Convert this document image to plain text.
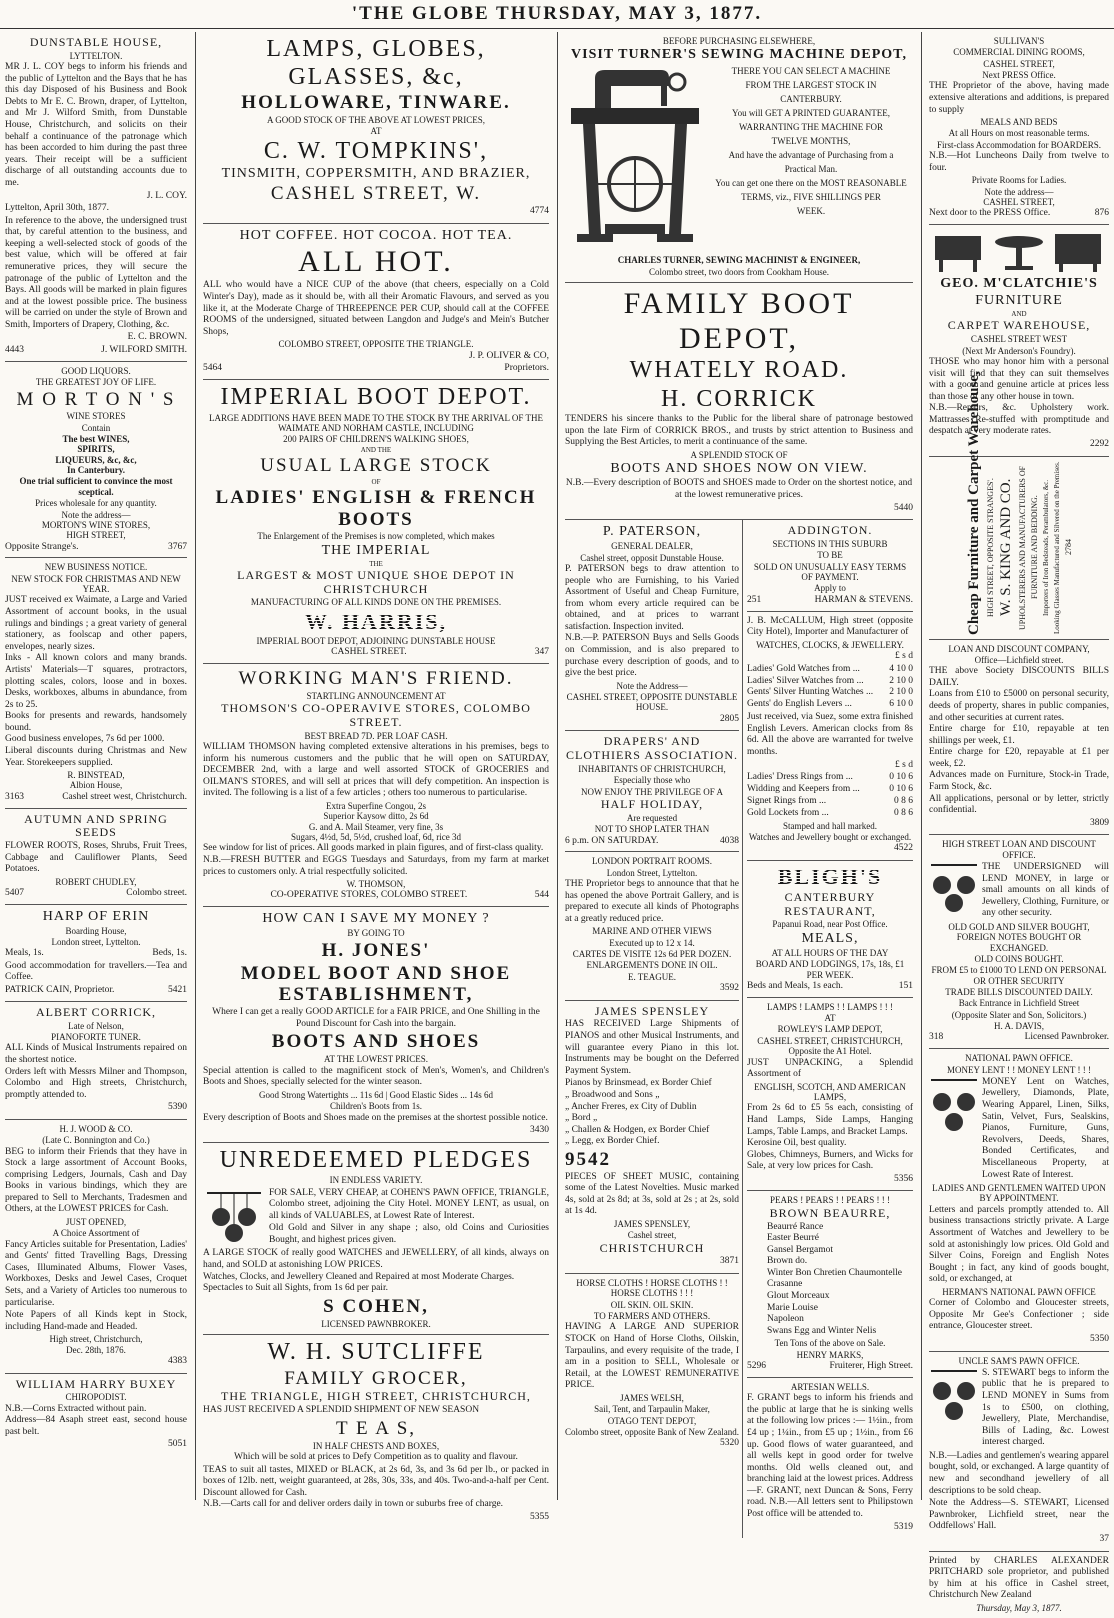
'THE GLOBE THURSDAY, MAY 3, 1877.
DUNSTABLE HOUSE,
LYTTELTON.
MR J. L. COY begs to inform his friends and the public of Lyttelton and the Bays that he has this day Disposed of his Business and Book Debts to Mr E. C. Brown, draper, of Lyttelton, and Mr J. Wilford Smith, from Dunstable House, Christchurch, and solicits on their behalf a continuance of the patronage which has been accorded to him during the past three years. Their receipt will be a sufficient discharge of all outstanding accounts due to me.
J. L. COY.
Lyttelton, April 30th, 1877.
In reference to the above, the undersigned trust that, by careful attention to the business, and keeping a well-selected stock of goods of the best value, which will be offered at fair remunerative prices, they will secure the patronage of the public of Lyttelton and the Bays. All goods will be marked in plain figures and at the lowest possible price. The business will be carried on under the style of Brown and Smith, Importers of Drapery, Clothing, &c.
E. C. BROWN.
4443	J. WILFORD SMITH.
GOOD LIQUORS.
THE GREATEST JOY OF LIFE.
M O R T O N ' S
WINE STORES
Contain
The best WINES,
SPIRITS,
LIQUEURS, &c, &c,
In Canterbury.
One trial sufficient to convince the most sceptical.
Prices wholesale for any quantity.
Note the address—
MORTON'S WINE STORES,
HIGH STREET,
Opposite Strange's.	3767
NEW BUSINESS NOTICE.
NEW STOCK FOR CHRISTMAS AND NEW YEAR.
JUST received ex Waimate, a Large and Varied Assortment of account books, in the usual rulings and bindings ; a great variety of general stationery, as foolscap and other papers, envelopes, nearly sizes.
Inks - All known colors and many brands. Artists' Materials—T squares, protractors, plotting scales, colors, loose and in boxes. Desks, workboxes, albums in abundance, from 2s to 25.
Books for presents and rewards, handsomely bound.
Good business envelopes, 7s 6d per 1000.
Liberal discounts during Christmas and New Year. Storekeepers supplied.
R. BINSTEAD,
Albion House,
3163	Cashel street west, Christchurch.
AUTUMN AND SPRING SEEDS
FLOWER ROOTS, Roses, Shrubs, Fruit Trees, Cabbage and Cauliflower Plants, Seed Potatoes.
ROBERT CHUDLEY,
5407	Colombo street.
HARP OF ERIN
Boarding House,
London street, Lyttelton.
Meals, 1s.	Beds, 1s.
Good accommodation for travellers.—Tea and Coffee.
PATRICK CAIN, Proprietor.	5421
ALBERT CORRICK,
Late of Nelson,
PIANOFORTE TUNER.
ALL Kinds of Musical Instruments repaired on the shortest notice.
Orders left with Messrs Milner and Thompson, Colombo and High streets, Christchurch, promptly attended to.
5390
H. J. WOOD & CO.
(Late C. Bonnington and Co.)
BEG to inform their Friends that they have in Stock a large assortment of Account Books, comprising Ledgers, Journals, Cash and Day Books in various bindings, which they are prepared to Sell to Merchants, Tradesmen and Others, at the LOWEST PRICES for Cash.
JUST OPENED,
A Choice Assortment of
Fancy Articles suitable for Presentation, Ladies' and Gents' fitted Travelling Bags, Dressing Cases, Illuminated Albums, Flower Vases, Workboxes, Desks and Jewel Cases, Croquet Sets, and a Variety of Articles too numerous to particularise.
Note Papers of all Kinds kept in Stock, including Hand-made and Headed.
High street, Christchurch,
Dec. 28th, 1876.
4383
WILLIAM HARRY BUXEY
CHIROPODIST.
N.B.—Corns Extracted without pain.
Address—84 Asaph street east, second house past belt.
5051
LAMPS, GLOBES, GLASSES, &c,
HOLLOWARE, TINWARE.
A GOOD STOCK OF THE ABOVE AT LOWEST PRICES,
AT
C. W. TOMPKINS',
TINSMITH, COPPERSMITH, AND BRAZIER,
CASHEL STREET, W.
4774
HOT COFFEE. HOT COCOA. HOT TEA.
ALL HOT.
ALL who would have a NICE CUP of the above (that cheers, especially on a Cold Winter's Day), made as it should be, with all their Aromatic Flavours, and served as you like it, at the Moderate Charge of THREEPENCE PER CUP, should call at the COFFEE ROOMS of the undersigned, situated between Langdon and Judge's and Mein's Butcher Shops,
COLOMBO STREET, OPPOSITE THE TRIANGLE.
J. P. OLIVER & CO,
5464	Proprietors.
IMPERIAL BOOT DEPOT.
LARGE ADDITIONS HAVE BEEN MADE TO THE STOCK BY THE ARRIVAL OF THE WAIMATE AND NORHAM CASTLE, INCLUDING
200 PAIRS OF CHILDREN'S WALKING SHOES,
AND THE
USUAL LARGE STOCK
OF
LADIES' ENGLISH & FRENCH BOOTS
The Enlargement of the Premises is now completed, which makes
THE IMPERIAL
THE
LARGEST & MOST UNIQUE SHOE DEPOT IN CHRISTCHURCH
MANUFACTURING OF ALL KINDS DONE ON THE PREMISES.
W. HARRIS,
IMPERIAL BOOT DEPOT, ADJOINING DUNSTABLE HOUSE
CASHEL STREET.	347
WORKING MAN'S FRIEND.
STARTLING ANNOUNCEMENT AT
THOMSON'S CO-OPERAVIVE STORES, COLOMBO STREET.
BEST BREAD 7D. PER LOAF CASH.
WILLIAM THOMSON having completed extensive alterations in his premises, begs to inform his numerous customers and the public that he will open on SATURDAY, DECEMBER 2nd, with a large and well assorted STOCK of GROCERIES and OILMAN'S STORES, and will sell at prices that will defy competition. An inspection is invited. The following is a list of a few articles ; others too numerous to particularise.
Extra Superfine Congou, 2s
Superior Kaysow ditto, 2s 6d
G. and A. Mail Steamer, very fine, 3s
Sugars, 4½d, 5d, 5½d, crushed loaf, 6d, rice 3d
See window for list of prices. All goods marked in plain figures, and of first-class quality.
N.B.—FRESH BUTTER and EGGS Tuesdays and Saturdays, from my farm at market prices to customers only. A trial respectfully solicited.
W. THOMSON,
CO-OPERATIVE STORES, COLOMBO STREET.	544
HOW CAN I SAVE MY MONEY ?
BY GOING TO
H. JONES'
MODEL BOOT AND SHOE ESTABLISHMENT,
Where I can get a really GOOD ARTICLE for a FAIR PRICE, and One Shilling in the Pound Discount for Cash into the bargain.
BOOTS AND SHOES
AT THE LOWEST PRICES.
Special attention is called to the magnificent stock of Men's, Women's, and Children's Boots and Shoes, specially selected for the winter season.
Good Strong Watertights ... 11s 6d | Good Elastic Sides ... 14s 6d
Children's Boots from 1s.
Every description of Boots and Shoes made on the premises at the shortest possible notice.
3430
UNREDEEMED PLEDGES
IN ENDLESS VARIETY.
FOR SALE, VERY CHEAP, at COHEN'S PAWN OFFICE, TRIANGLE, Colombo street, adjoining the City Hotel. MONEY LENT, as usual, on all kinds of VALUABLES, at Lowest Rate of Interest.
Old Gold and Silver in any shape ; also, old Coins and Curiosities Bought, and highest prices given.
A LARGE STOCK of really good WATCHES and JEWELLERY, of all kinds, always on hand, and SOLD at astonishing LOW PRICES.
Watches, Clocks, and Jewellery Cleaned and Repaired at most Moderate Charges.
Spectacles to Suit all Sights, from 1s 6d per pair.
S COHEN,
LICENSED PAWNBROKER.
W. H. SUTCLIFFE
FAMILY GROCER,
THE TRIANGLE, HIGH STREET, CHRISTCHURCH,
HAS JUST RECEIVED A SPLENDID SHIPMENT OF NEW SEASON
T E A S,
IN HALF CHESTS AND BOXES,
Which will be sold at prices to Defy Competition as to quality and flavour.
TEAS to suit all tastes, MIXED or BLACK, at 2s 6d, 3s, and 3s 6d per lb., or packed in boxes of 12lb. nett, weight guaranteed, at 28s, 30s, 33s, and 40s. Two-and-a-half per Cent. Discount allowed for Cash.
N.B.—Carts call for and deliver orders daily in town or suburbs free of charge.
5355
BEFORE PURCHASING ELSEWHERE,
VISIT TURNER'S SEWING MACHINE DEPOT,
THERE YOU CAN SELECT A MACHINE
FROM THE LARGEST STOCK IN
CANTERBURY.
You will GET A PRINTED GUARANTEE,
WARRANTING THE MACHINE FOR
TWELVE MONTHS,
And have the advantage of Purchasing from a
Practical Man.
You can get one there on the MOST REASONABLE
TERMS, viz., FIVE SHILLINGS PER
WEEK.
CHARLES TURNER, SEWING MACHINIST & ENGINEER,
Colombo street, two doors from Cookham House.
FAMILY BOOT DEPOT,
WHATELY ROAD.
H. CORRICK
TENDERS his sincere thanks to the Public for the liberal share of patronage bestowed upon the late Firm of CORRICK BROS., and trusts by strict attention to Business and Supplying the Best Articles, to merit a continuance of the same.
A SPLENDID STOCK OF
BOOTS AND SHOES NOW ON VIEW.
N.B.—Every description of BOOTS and SHOES made to Order on the shortest notice, and at the lowest remunerative prices.
5440
P. PATERSON,
GENERAL DEALER,
Cashel street, opposit Dunstable House.
P. PATERSON begs to draw attention to people who are Furnishing, to his Varied Assortment of Useful and Cheap Furniture, from whom every article required can be obtained, and at prices to warrant satisfaction. Inspection invited.
N.B.—P. PATERSON Buys and Sells Goods on Commission, and is also prepared to purchase every description of goods, and to give the best price.
Note the Address—
CASHEL STREET, OPPOSITE DUNSTABLE HOUSE.
2805
DRAPERS' AND CLOTHIERS ASSOCIATION.
INHABITANTS OF CHRISTCHURCH,
Especially those who
NOW ENJOY THE PRIVILEGE OF A
HALF HOLIDAY,
Are requested
NOT TO SHOP LATER THAN
6 p.m. ON SATURDAY.	4038
LONDON PORTRAIT ROOMS.
London Street, Lyttelton.
THE Proprietor begs to announce that that he has opened the above Portrait Gallery, and is prepared to execute all kinds of Photographs at a greatly reduced price.
MARINE AND OTHER VIEWS
Executed up to 12 x 14.
CARTES DE VISITE 12s 6d PER DOZEN.
ENLARGEMENTS DONE IN OIL.
E. TEAGUE.
3592
JAMES SPENSLEY
HAS RECEIVED Large Shipments of PIANOS and other Musical Instruments, and will guarantee every Piano in this lot. Instruments may be bought on the Deferred Payment System.
Pianos by Brinsmead, ex Border Chief
„ Broadwood and Sons „
„ Ancher Freres, ex City of Dublin
„ Bord „
„ Challen & Hodgen, ex Border Chief
„ Legg, ex Border Chief.
9542
PIECES OF SHEET MUSIC, containing some of the Latest Novelties. Music marked 4s, sold at 2s 8d; at 3s, sold at 2s ; at 2s, sold at 1s 4d.
JAMES SPENSLEY,
Cashel street,
CHRISTCHURCH
3871
HORSE CLOTHS ! HORSE CLOTHS ! !
HORSE CLOTHS ! ! !
OIL SKIN. OIL SKIN.
TO FARMERS AND OTHERS.
HAVING A LARGE AND SUPERIOR STOCK on Hand of Horse Cloths, Oilskin, Tarpaulins, and every requisite of the trade, I am in a position to SELL, Wholesale or Retail, at the LOWEST REMUNERATIVE PRICE.
JAMES WELSH,
Sail, Tent, and Tarpaulin Maker,
OTAGO TENT DEPOT,
Colombo street, opposite Bank of New Zealand.
5320
ADDINGTON.
SECTIONS IN THIS SUBURB
TO BE
SOLD ON UNUSUALLY EASY TERMS OF PAYMENT.
Apply to
251	HARMAN & STEVENS.
J. B. McCALLUM, High street (opposite City Hotel), Importer and Manufacturer of
WATCHES, CLOCKS, & JEWELLERY.
£ s d
Ladies' Gold Watches from ...	4 10 0
Ladies' Silver Watches from ...	2 10 0
Gents' Silver Hunting Watches ... 2 10 0
Gents' do English Levers ...	6 10 0
Just received, via Suez, some extra finished English Levers. American clocks from 8s 6d. All the above are warranted for twelve months.
£ s d
Ladies' Dress Rings from ...	0 10 6
Widding and Keepers from ...	0 10 6
Signet Rings from ...	0 8 6
Gold Lockets from ...	0 8 6
Stamped and hall marked.
Watches and Jewellery bought or exchanged.
4522
BLIGH'S
CANTERBURY RESTAURANT,
Papanui Road, near Post Office.
MEALS,
AT ALL HOURS OF THE DAY
BOARD AND LODGINGS, 17s, 18s, £1 PER WEEK.
Beds and Meals, 1s each.	151
LAMPS ! LAMPS ! ! LAMPS ! ! !
AT
ROWLEY'S LAMP DEPOT,
CASHEL STREET, CHRISTCHURCH,
Opposite the A1 Hotel.
JUST UNPACKING, a Splendid Assortment of
ENGLISH, SCOTCH, AND AMERICAN LAMPS,
From 2s 6d to £5 5s each, consisting of Hand Lamps, Side Lamps, Hanging Lamps, Table Lamps, and Bracket Lamps.
Kerosine Oil, best quality.
Globes, Chimneys, Burners, and Wicks for Sale, at very low prices for Cash.
5356
PEARS ! PEARS ! ! PEARS ! ! !
BROWN BEAURRE,
Beaurré Rance
Easter Beurré
Gansel Bergamot
Brown do.
Winter Bon Chretien Chaumontelle
Crasanne
Glout Morceaux
Marie Louise
Napoleon
Swans Egg and Winter Nelis
Ten Tons of the above on Sale.
HENRY MARKS,
5296	Fruiterer, High Street.
ARTESIAN WELLS.
F. GRANT begs to inform his friends and the public at large that he is sinking wells at the following low prices :— 1½in., from £4 up ; 1¼in., from £5 up ; 1½in., from £6 up. Good flows of water guaranteed, and all wells kept in good order for twelve months. Old wells cleaned out, and branching laid at the lowest prices. Address—F. GRANT, next Duncan & Sons, Ferry road. N.B.—All letters sent to Philipstown Post office will be attended to.
5319
SULLIVAN'S
COMMERCIAL DINING ROOMS,
CASHEL STREET,
Next PRESS Office.
THE Proprietor of the above, having made extensive alterations and additions, is prepared to supply
MEALS AND BEDS
At all Hours on most reasonable terms.
First-class Accommodation for BOARDERS.
N.B.—Hot Luncheons Daily from twelve to four.
Private Rooms for Ladies.
Note the address—
CASHEL STREET,
Next door to the PRESS Office.	876
GEO. M'CLATCHIE'S
FURNITURE
AND
CARPET WAREHOUSE,
CASHEL STREET WEST
(Next Mr Anderson's Foundry).
THOSE who may honor him with a personal visit will find that they can suit themselves with a good and genuine article at prices less than those of any other house in town.
N.B.—Repairs, &c. Upholstery work. Mattrasses Re-stuffed with promptitude and despatch at very moderate rates.
2292
Cheap Furniture and Carpet Warehouse, HIGH STREET, OPPOSITE STRANGES'. W. S. KING AND CO. UPHOLSTERERS AND MANUFACTURERS OF FURNITURE AND BEDDING. Importers of Iron Bedsteads, Perambulators, &c. Looking Glasses Manufactured and Silvered on the Premises. 2784
LOAN AND DISCOUNT COMPANY,
Office—Lichfield street.
THE above Society DISCOUNTS BILLS DAILY.
Loans from £10 to £5000 on personal security, deeds of property, shares in public companies, and other securities at current rates.
Entire charge for £10, repayable at ten shillings per week, £1.
Entire charge for £20, repayable at £1 per week, £2.
Advances made on Furniture, Stock-in Trade, Farm Stock, &c.
All applications, personal or by letter, strictly confidential.
3809
HIGH STREET LOAN AND DISCOUNT OFFICE.
THE UNDERSIGNED will LEND MONEY, in large or small amounts on all kinds of Jewellery, Clothing, Furniture, or any other security.
OLD GOLD AND SILVER BOUGHT, FOREIGN NOTES BOUGHT OR EXCHANGED.
OLD COINS BOUGHT.
FROM £5 to £1000 TO LEND ON PERSONAL OR OTHER SECURITY
TRADE BILLS DISCOUNTED DAILY.
Back Entrance in Lichfield Street
(Opposite Slater and Son, Solicitors.)
H. A. DAVIS,
318	Licensed Pawnbroker.
NATIONAL PAWN OFFICE.
MONEY LENT ! ! MONEY LENT ! ! !
MONEY Lent on Watches, Jewellery, Diamonds, Plate, Wearing Apparel, Linen, Silks, Satin, Velvet, Furs, Sealskins, Pianos, Furniture, Guns, Revolvers, Deeds, Shares, Bonded Certificates, and Miscellaneous Property, at Lowest Rate of Interest.
LADIES AND GENTLEMEN WAITED UPON BY APPOINTMENT.
Letters and parcels promptly attended to. All business transactions strictly private. A Large Assortment of Watches and Jewellery to be sold at astonishingly low prices. Old Gold and Silver Coins, Foreign and English Notes Bought ; in fact, any kind of goods bought, sold, or exchanged, at
HERMAN'S NATIONAL PAWN OFFICE
Corner of Colombo and Gloucester streets, Opposite Mr Gee's Confectioner ; side entrance, Gloucester street.
5350
UNCLE SAM'S PAWN OFFICE.
S. STEWART begs to inform the public that he is prepared to LEND MONEY in Sums from 1s to £500, on clothing, Jewellery, Plate, Merchandise, Bills of Lading, &c. Lowest interest charged.
N.B.—Ladies and gentlemen's wearing apparel bought, sold, or exchanged. A large quantity of new and secondhand jewellery of all descriptions to be sold cheap.
Note the Address—S. STEWART, Licensed Pawnbroker, Lichfield street, near the Oddfellows' Hall.
37
Printed by CHARLES ALEXANDER PRITCHARD sole proprietor, and published by him at his office in Cashel street, Christchurch New Zealand
Thursday, May 3, 1877.
